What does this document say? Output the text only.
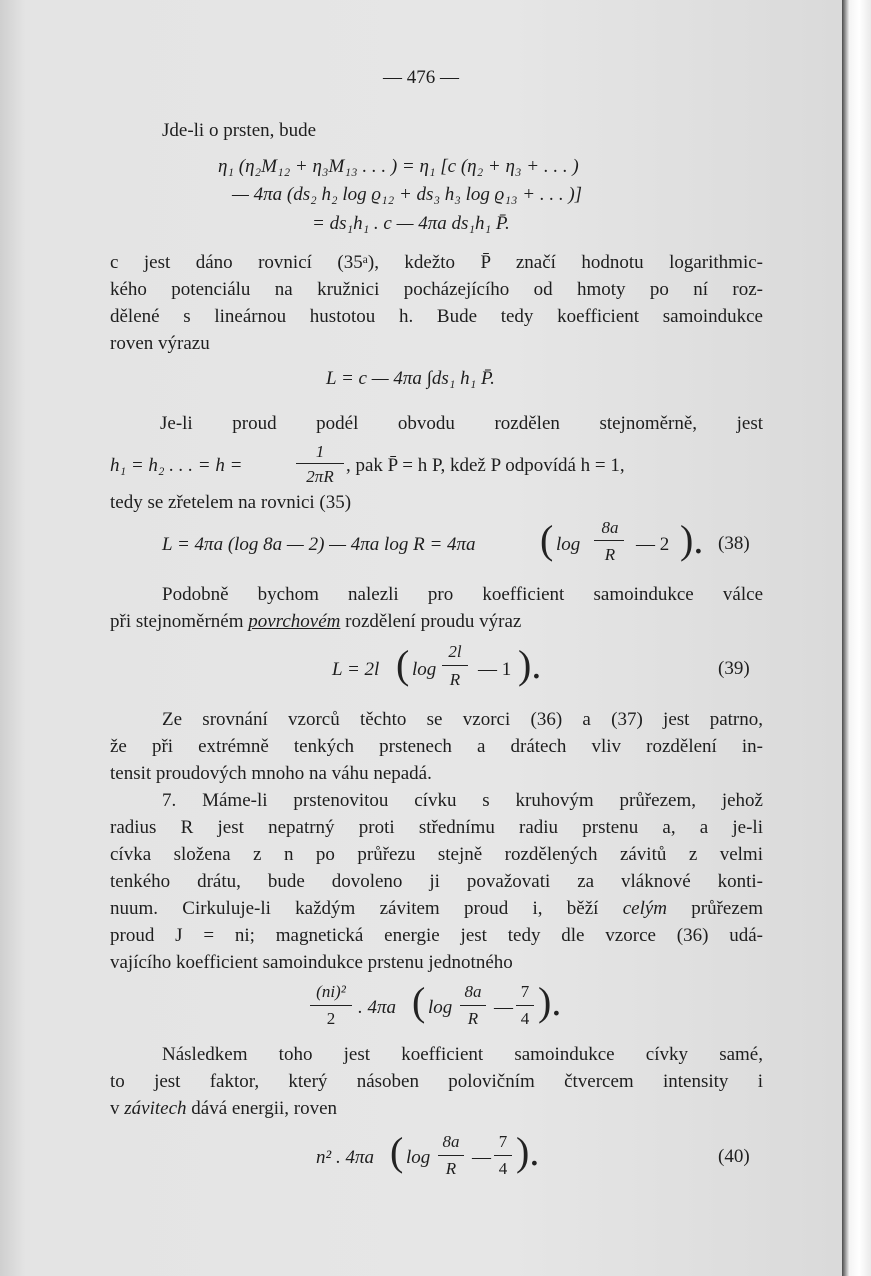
— 476 —
Jde-li o prsten, bude
η₁ (η₂M₁₂ + η₃M₁₃ . . . ) = η₁ [c (η₂ + η₃ + . . . )
— 4πa (ds₂ h₂ log ϱ₁₂ + ds₃ h₃ log ϱ₁₃ + . . . )]
= ds₁h₁ . c — 4πa ds₁h₁ P̄.
c jest dáno rovnicí (35ᵃ), kdežto P̄ značí hodnotu logarithmic-
kého potenciálu na kružnici pocházejícího od hmoty po ní roz-
dělené s lineárnou hustotou h. Bude tedy koefficient samoindukce
roven výrazu
L = c — 4πa ∫ds₁ h₁ P̄.
Je-li proud podél obvodu rozdělen stejnoměrně, jest
h₁ = h₂ . . . = h =
1
2πR
, pak P̄ = h P, kdež P odpovídá h = 1,
tedy se zřetelem na rovnici (35)
L = 4πa (log 8a — 2) — 4πa log R = 4πa ( log
8a
R	— 2 ). (38)
Podobně bychom nalezli pro koefficient samoindukce válce
při stejnoměrném povrchovém rozdělení proudu výraz
L = 2l ( log
2l
R — 1 ).	(39)
Ze srovnání vzorců těchto se vzorci (36) a (37) jest patrno,
že při extrémně tenkých prstenech a drátech vliv rozdělení in-
tensit proudových mnoho na váhu nepadá.
7. Máme-li prstenovitou cívku s kruhovým průřezem, jehož
radius R jest nepatrný proti střednímu radiu prstenu a, a je-li
cívka složena z n po průřezu stejně rozdělených závitů z velmi
tenkého drátu, bude dovoleno ji považovati za vláknové konti-
nuum. Cirkuluje-li každým závitem proud i, běží celým průřezem
proud J = ni; magnetická energie jest tedy dle vzorce (36) udá-
vajícího koefficient samoindukce prstenu jednotného
(ni)²
2
. 4πa ( log
8a
R
—
7
4 ).
Následkem toho jest koefficient samoindukce cívky samé,
to jest faktor, který násoben polovičním čtvercem intensity i
v závitech dává energii, roven
n² . 4πa ( log
8a
R
—
7
4 ).	(40)
